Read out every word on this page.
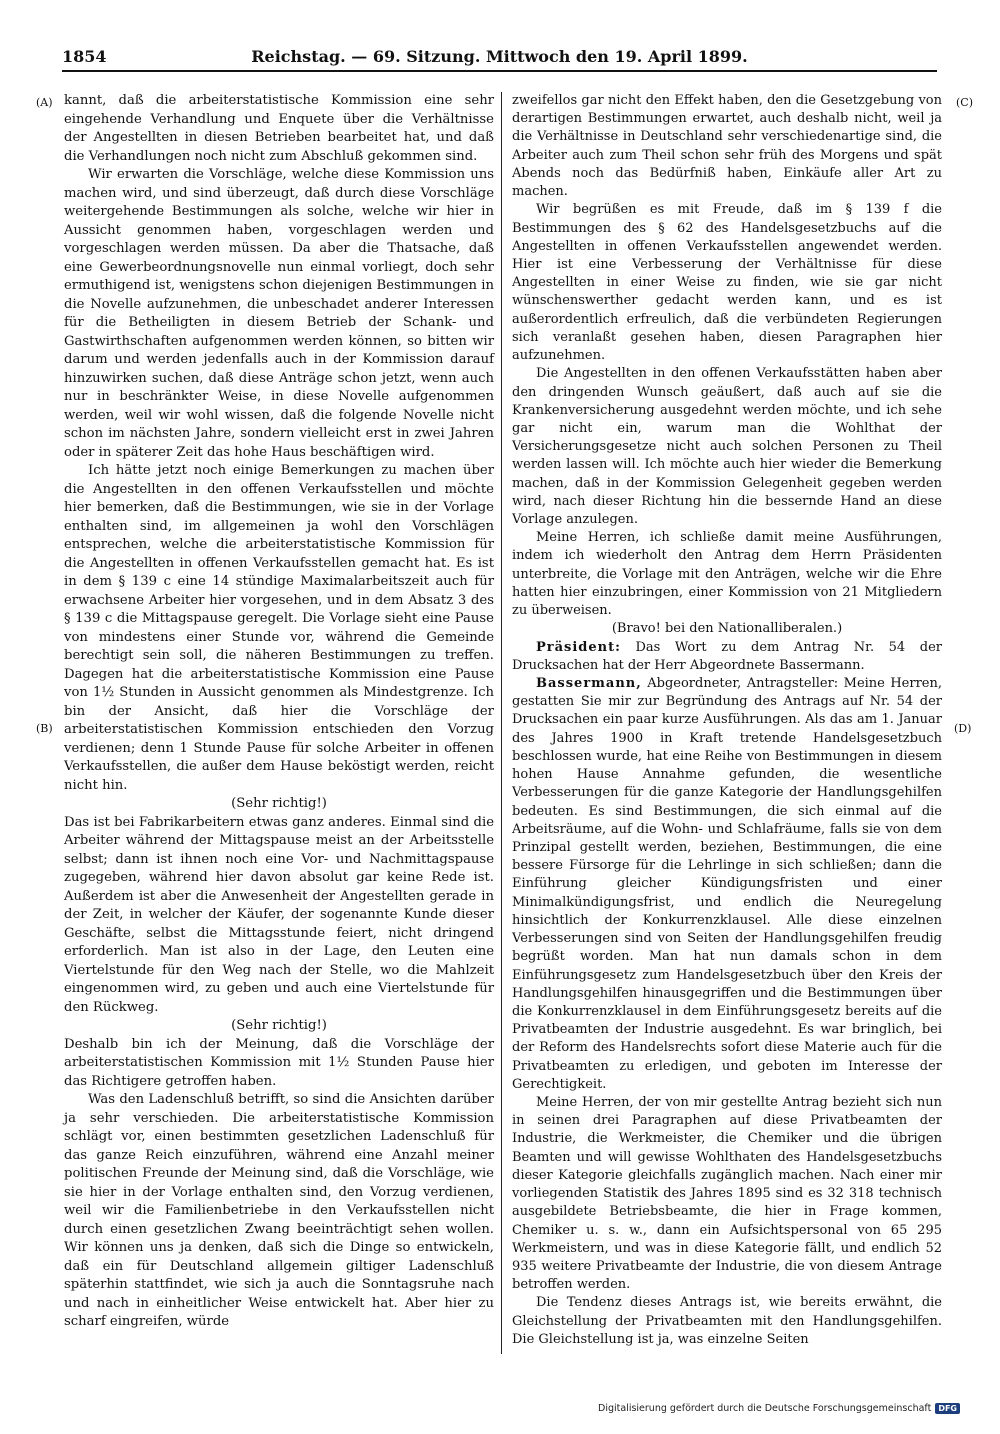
1854	Reichstag. — 69. Sitzung. Mittwoch den 19. April 1899.
(A)
(B)
(C)
(D)

kannt, daß die arbeiterstatistische Kommission eine sehr eingehende Verhandlung und Enquete über die Verhältnisse der Angestellten in diesen Betrieben bearbeitet hat, und daß die Verhandlungen noch nicht zum Abschluß gekommen sind.

Wir erwarten die Vorschläge, welche diese Kommission uns machen wird, und sind überzeugt, daß durch diese Vorschläge weitergehende Bestimmungen als solche, welche wir hier in Aussicht genommen haben, vorgeschlagen werden und vorgeschlagen werden müssen. Da aber die Thatsache, daß eine Gewerbeordnungsnovelle nun einmal vorliegt, doch sehr ermuthigend ist, wenigstens schon diejenigen Bestimmungen in die Novelle aufzunehmen, die unbeschadet anderer Interessen für die Betheiligten in diesem Betrieb der Schank- und Gastwirthschaften aufgenommen werden können, so bitten wir darum und werden jedenfalls auch in der Kommission darauf hinzuwirken suchen, daß diese Anträge schon jetzt, wenn auch nur in beschränkter Weise, in diese Novelle aufgenommen werden, weil wir wohl wissen, daß die folgende Novelle nicht schon im nächsten Jahre, sondern vielleicht erst in zwei Jahren oder in späterer Zeit das hohe Haus beschäftigen wird.

Ich hätte jetzt noch einige Bemerkungen zu machen über die Angestellten in den offenen Verkaufsstellen und möchte hier bemerken, daß die Bestimmungen, wie sie in der Vorlage enthalten sind, im allgemeinen ja wohl den Vorschlägen entsprechen, welche die arbeiterstatistische Kommission für die Angestellten in offenen Verkaufsstellen gemacht hat. Es ist in dem § 139 c eine 14 stündige Maximalarbeitszeit auch für erwachsene Arbeiter hier vorgesehen, und in dem Absatz 3 des § 139 c die Mittagspause geregelt. Die Vorlage sieht eine Pause von mindestens einer Stunde vor, während die Gemeinde berechtigt sein soll, die näheren Bestimmungen zu treffen. Dagegen hat die arbeiterstatistische Kommission eine Pause von 1½ Stunden in Aussicht genommen als Mindestgrenze. Ich bin der Ansicht, daß hier die Vorschläge der arbeiterstatistischen Kommission entschieden den Vorzug verdienen; denn 1 Stunde Pause für solche Arbeiter in offenen Verkaufsstellen, die außer dem Hause beköstigt werden, reicht nicht hin.

(Sehr richtig!)

Das ist bei Fabrikarbeitern etwas ganz anderes. Einmal sind die Arbeiter während der Mittagspause meist an der Arbeitsstelle selbst; dann ist ihnen noch eine Vor- und Nachmittagspause zugegeben, während hier davon absolut gar keine Rede ist. Außerdem ist aber die Anwesenheit der Angestellten gerade in der Zeit, in welcher der Käufer, der sogenannte Kunde dieser Geschäfte, selbst die Mittagsstunde feiert, nicht dringend erforderlich. Man ist also in der Lage, den Leuten eine Viertelstunde für den Weg nach der Stelle, wo die Mahlzeit eingenommen wird, zu geben und auch eine Viertelstunde für den Rückweg.

(Sehr richtig!)

Deshalb bin ich der Meinung, daß die Vorschläge der arbeiterstatistischen Kommission mit 1½ Stunden Pause hier das Richtigere getroffen haben.

Was den Ladenschluß betrifft, so sind die Ansichten darüber ja sehr verschieden. Die arbeiterstatistische Kommission schlägt vor, einen bestimmten gesetzlichen Ladenschluß für das ganze Reich einzuführen, während eine Anzahl meiner politischen Freunde der Meinung sind, daß die Vorschläge, wie sie hier in der Vorlage enthalten sind, den Vorzug verdienen, weil wir die Familienbetriebe in den Verkaufsstellen nicht durch einen gesetzlichen Zwang beeinträchtigt sehen wollen. Wir können uns ja denken, daß sich die Dinge so entwickeln, daß ein für Deutschland allgemein giltiger Ladenschluß späterhin stattfindet, wie sich ja auch die Sonntagsruhe nach und nach in einheitlicher Weise entwickelt hat. Aber hier zu scharf eingreifen, würde

zweifellos gar nicht den Effekt haben, den die Gesetzgebung von derartigen Bestimmungen erwartet, auch deshalb nicht, weil ja die Verhältnisse in Deutschland sehr verschiedenartige sind, die Arbeiter auch zum Theil schon sehr früh des Morgens und spät Abends noch das Bedürfniß haben, Einkäufe aller Art zu machen.

Wir begrüßen es mit Freude, daß im § 139 f die Bestimmungen des § 62 des Handelsgesetzbuchs auf die Angestellten in offenen Verkaufsstellen angewendet werden. Hier ist eine Verbesserung der Verhältnisse für diese Angestellten in einer Weise zu finden, wie sie gar nicht wünschenswerther gedacht werden kann, und es ist außerordentlich erfreulich, daß die verbündeten Regierungen sich veranlaßt gesehen haben, diesen Paragraphen hier aufzunehmen.

Die Angestellten in den offenen Verkaufsstätten haben aber den dringenden Wunsch geäußert, daß auch auf sie die Krankenversicherung ausgedehnt werden möchte, und ich sehe gar nicht ein, warum man die Wohlthat der Versicherungsgesetze nicht auch solchen Personen zu Theil werden lassen will. Ich möchte auch hier wieder die Bemerkung machen, daß in der Kommission Gelegenheit gegeben werden wird, nach dieser Richtung hin die bessernde Hand an diese Vorlage anzulegen.

Meine Herren, ich schließe damit meine Ausführungen, indem ich wiederholt den Antrag dem Herrn Präsidenten unterbreite, die Vorlage mit den Anträgen, welche wir die Ehre hatten hier einzubringen, einer Kommission von 21 Mitgliedern zu überweisen.

(Bravo! bei den Nationalliberalen.)

Präsident: Das Wort zu dem Antrag Nr. 54 der Drucksachen hat der Herr Abgeordnete Bassermann.

Bassermann, Abgeordneter, Antragsteller: Meine Herren, gestatten Sie mir zur Begründung des Antrags auf Nr. 54 der Drucksachen ein paar kurze Ausführungen. Als das am 1. Januar des Jahres 1900 in Kraft tretende Handelsgesetzbuch beschlossen wurde, hat eine Reihe von Bestimmungen in diesem hohen Hause Annahme gefunden, die wesentliche Verbesserungen für die ganze Kategorie der Handlungsgehilfen bedeuten. Es sind Bestimmungen, die sich einmal auf die Arbeitsräume, auf die Wohn- und Schlafräume, falls sie von dem Prinzipal gestellt werden, beziehen, Bestimmungen, die eine bessere Fürsorge für die Lehrlinge in sich schließen; dann die Einführung gleicher Kündigungsfristen und einer Minimalkündigungsfrist, und endlich die Neuregelung hinsichtlich der Konkurrenzklausel. Alle diese einzelnen Verbesserungen sind von Seiten der Handlungsgehilfen freudig begrüßt worden. Man hat nun damals schon in dem Einführungsgesetz zum Handelsgesetzbuch über den Kreis der Handlungsgehilfen hinausgegriffen und die Bestimmungen über die Konkurrenzklausel in dem Einführungsgesetz bereits auf die Privatbeamten der Industrie ausgedehnt. Es war bringlich, bei der Reform des Handelsrechts sofort diese Materie auch für die Privatbeamten zu erledigen, und geboten im Interesse der Gerechtigkeit.

Meine Herren, der von mir gestellte Antrag bezieht sich nun in seinen drei Paragraphen auf diese Privatbeamten der Industrie, die Werkmeister, die Chemiker und die übrigen Beamten und will gewisse Wohlthaten des Handelsgesetzbuchs dieser Kategorie gleichfalls zugänglich machen. Nach einer mir vorliegenden Statistik des Jahres 1895 sind es 32 318 technisch ausgebildete Betriebsbeamte, die hier in Frage kommen, Chemiker u. s. w., dann ein Aufsichtspersonal von 65 295 Werkmeistern, und was in diese Kategorie fällt, und endlich 52 935 weitere Privatbeamte der Industrie, die von diesem Antrage betroffen werden.

Die Tendenz dieses Antrags ist, wie bereits erwähnt, die Gleichstellung der Privatbeamten mit den Handlungsgehilfen. Die Gleichstellung ist ja, was einzelne Seiten

Digitalisierung gefördert durch die Deutsche Forschungsgemeinschaft DFG
